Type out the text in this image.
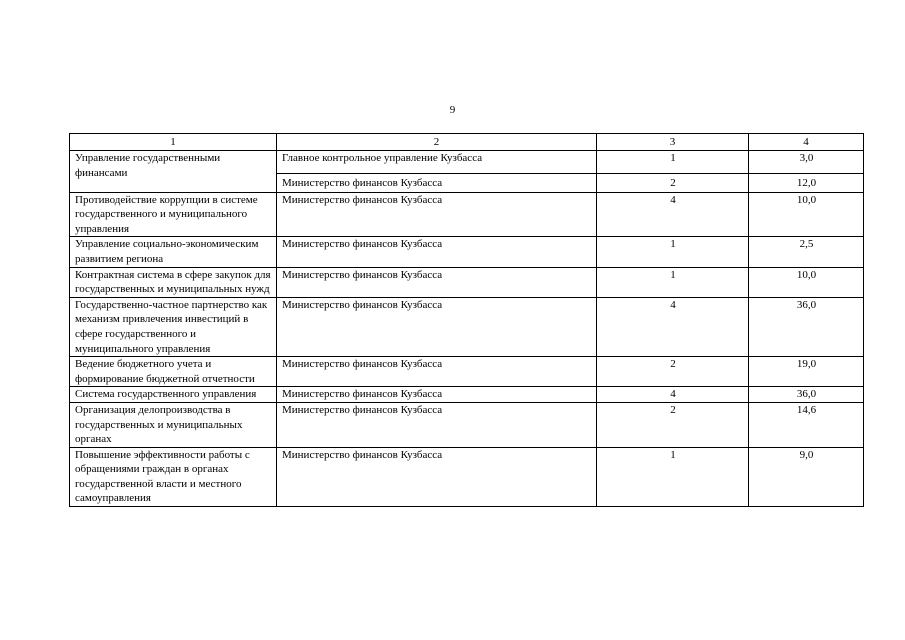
9
1	2	3	4
Управление государственными финансами	Главное контрольное управление Кузбасса	1	3,0
	Министерство финансов Кузбасса	2	12,0
Противодействие коррупции в системе государственного и муниципального управления	Министерство финансов Кузбасса	4	10,0
Управление социально-экономическим развитием региона	Министерство финансов Кузбасса	1	2,5
Контрактная система в сфере закупок для государственных и муниципальных нужд	Министерство финансов Кузбасса	1	10,0
Государственно-частное партнерство как механизм привлечения инвестиций в сфере государственного и муниципального управления	Министерство финансов Кузбасса	4	36,0
Ведение бюджетного учета и формирование бюджетной отчетности	Министерство финансов Кузбасса	2	19,0
Система государственного управления	Министерство финансов Кузбасса	4	36,0
Организация делопроизводства в государственных и муниципальных органах	Министерство финансов Кузбасса	2	14,6
Повышение эффективности работы с обращениями граждан в органах государственной власти и местного самоуправления	Министерство финансов Кузбасса	1	9,0
